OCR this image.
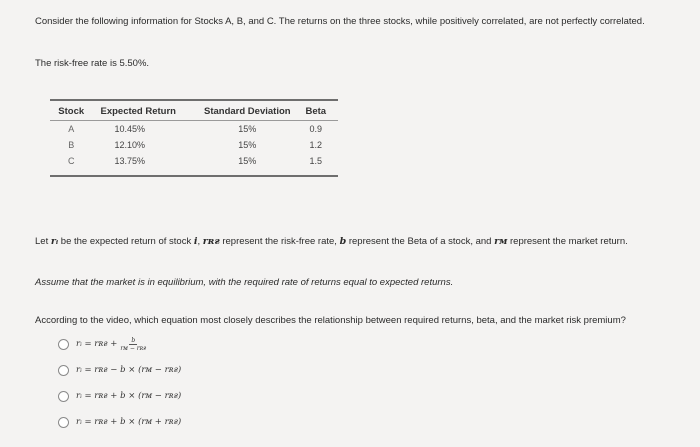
Consider the following information for Stocks A, B, and C. The returns on the three stocks, while positively correlated, are not perfectly correlated.
The risk-free rate is 5.50%.
Stock	Expected Return	Standard Deviation	Beta

A	10.45%	15%	0.9
B	12.10%	15%	1.2
C	13.75%	15%	1.5
Let rᵢ be the expected return of stock i, rʀғ represent the risk-free rate, b represent the Beta of a stock, and rᴍ represent the market return.
Assume that the market is in equilibrium, with the required rate of returns equal to expected returns.
According to the video, which equation most closely describes the relationship between required returns, beta, and the market risk premium?
rᵢ = rʀғ + $\frac{b}{\text{rᴍ − rʀғ}}$
rᵢ = rʀғ − b × (rᴍ − rʀғ)
rᵢ = rʀғ + b × (rᴍ − rʀғ)
rᵢ = rʀғ + b × (rᴍ + rʀғ)
